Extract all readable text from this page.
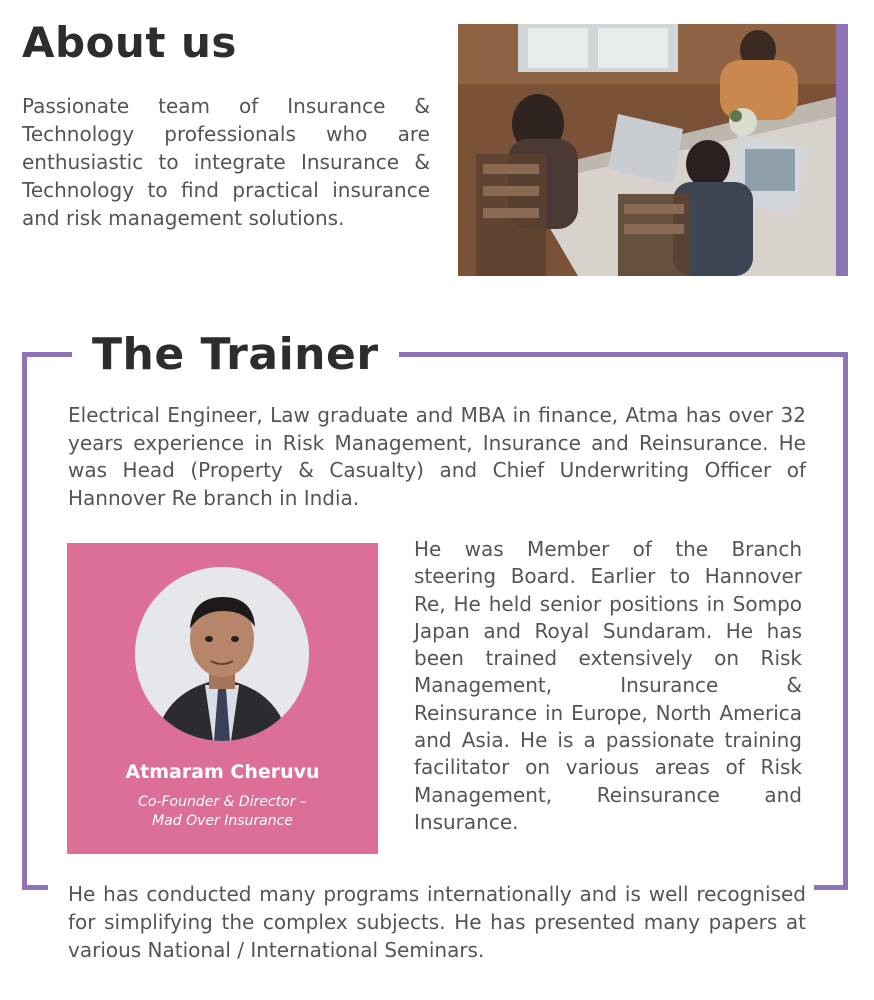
About us

Passionate team of Insurance & Technology professionals who are enthusiastic to integrate Insurance & Technology to find practical insurance and risk management solutions.

The Trainer

Electrical Engineer, Law graduate and MBA in finance, Atma has over 32 years experience in Risk Management, Insurance and Reinsurance. He was Head (Property & Casualty) and Chief Underwriting Officer of Hannover Re branch in India.

Atmaram Cheruvu
Co-Founder & Director –
Mad Over Insurance

He was Member of the Branch steering Board. Earlier to Hannover Re, He held senior positions in Sompo Japan and Royal Sundaram. He has been trained extensively on Risk Management, Insurance & Reinsurance in Europe, North America and Asia. He is a passionate training facilitator on various areas of Risk Management, Reinsurance and Insurance.

He has conducted many programs internationally and is well recognised for simplifying the complex subjects. He has presented many papers at various National / International Seminars.
